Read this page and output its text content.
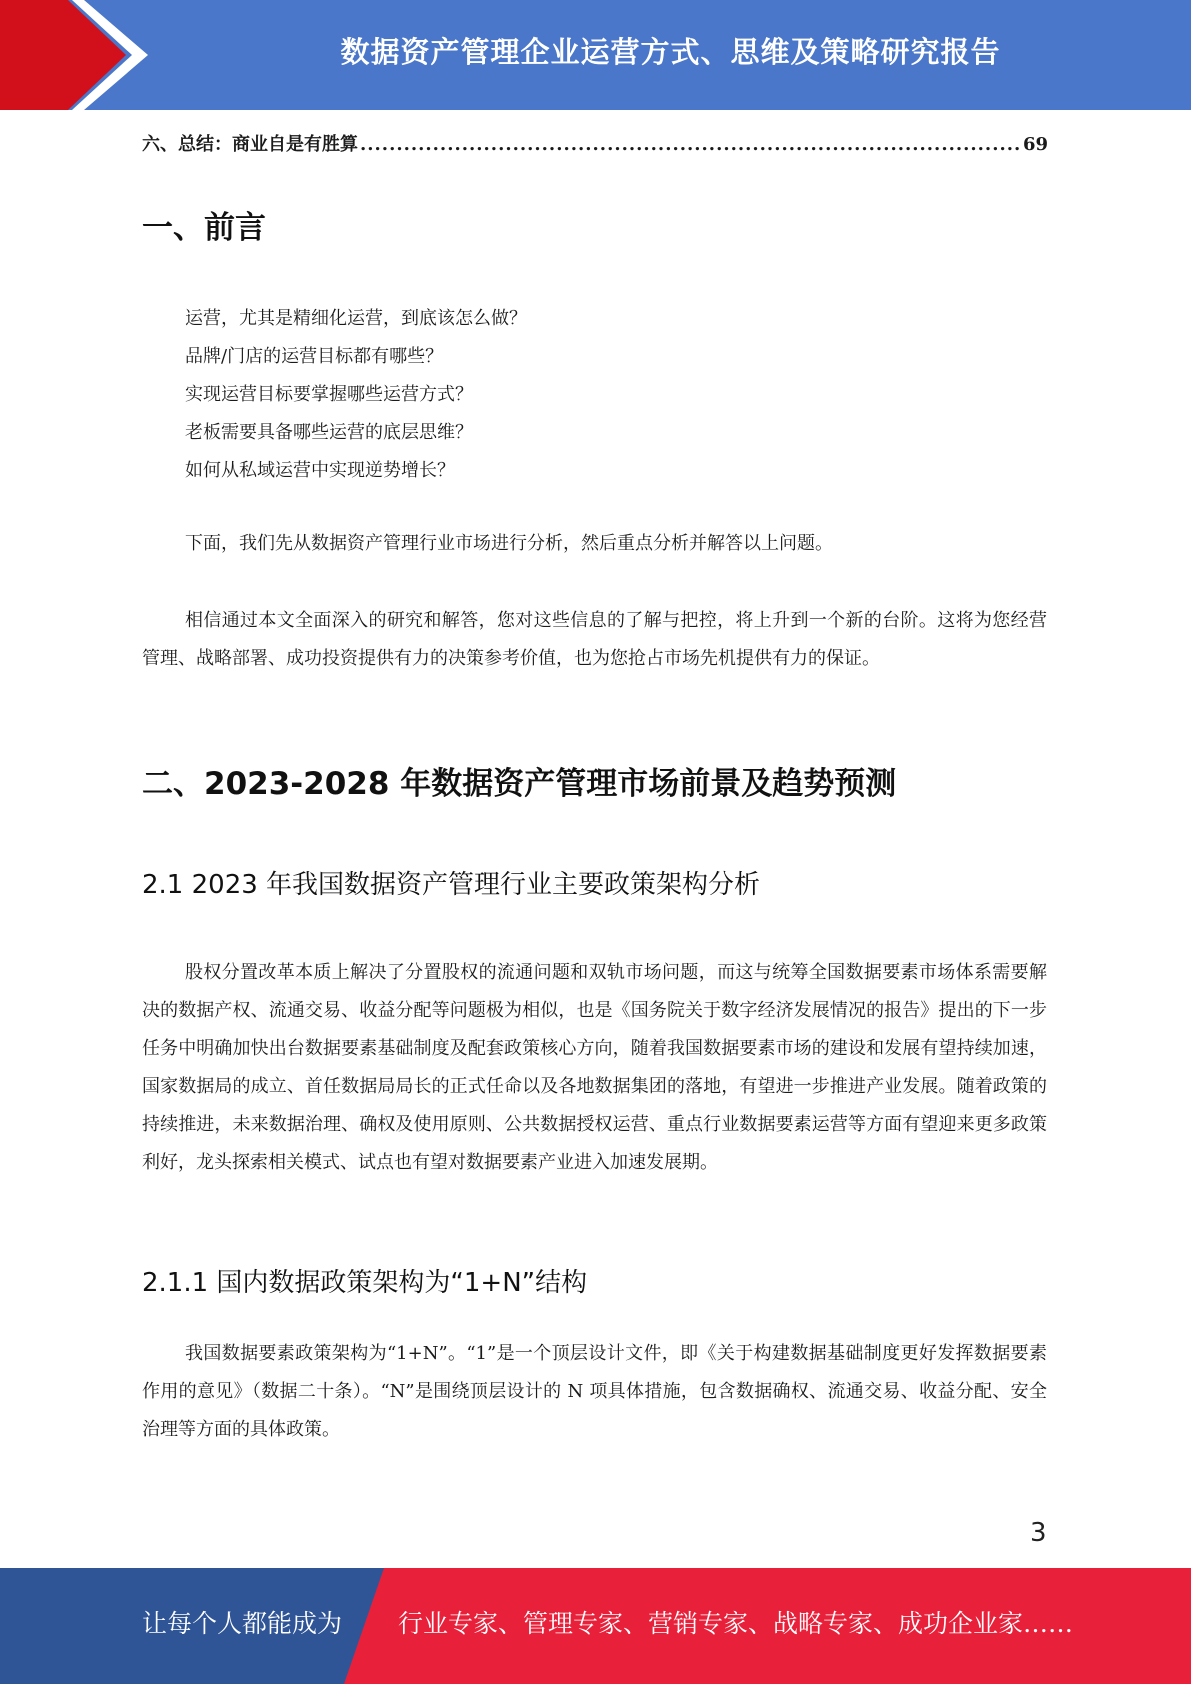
数据资产管理企业运营方式、思维及策略研究报告
六、总结：商业自是有胜算
.....	69
一、前言
运营，尤其是精细化运营，到底该怎么做？
品牌/门店的运营目标都有哪些？
实现运营目标要掌握哪些运营方式？
老板需要具备哪些运营的底层思维？
如何从私域运营中实现逆势增长？

下面，我们先从数据资产管理行业市场进行分析，然后重点分析并解答以上问题。

相信通过本文全面深入的研究和解答，您对这些信息的了解与把控，将上升到一个新的台阶。这将为您经营管理、战略部署、成功投资提供有力的决策参考价值，也为您抢占市场先机提供有力的保证。

二、2023-2028 年数据资产管理市场前景及趋势预测
2.1 2023 年我国数据资产管理行业主要政策架构分析

股权分置改革本质上解决了分置股权的流通问题和双轨市场问题，而这与统筹全国数据要素市场体系需要解决的数据产权、流通交易、收益分配等问题极为相似，也是《国务院关于数字经济发展情况的报告》提出的下一步任务中明确加快出台数据要素基础制度及配套政策核心方向，随着我国数据要素市场的建设和发展有望持续加速，国家数据局的成立、首任数据局局长的正式任命以及各地数据集团的落地，有望进一步推进产业发展。随着政策的持续推进，未来数据治理、确权及使用原则、公共数据授权运营、重点行业数据要素运营等方面有望迎来更多政策利好，龙头探索相关模式、试点也有望对数据要素产业进入加速发展期。

2.1.1 国内数据政策架构为“1+N”结构

我国数据要素政策架构为“1+N”。“1”是一个顶层设计文件，即《关于构建数据基础制度更好发挥数据要素作用的意见》（数据二十条）。“N”是围绕顶层设计的 N 项具体措施，包含数据确权、流通交易、收益分配、安全治理等方面的具体政策。

3
让每个人都能成为 行业专家、管理专家、营销专家、战略专家、成功企业家……
